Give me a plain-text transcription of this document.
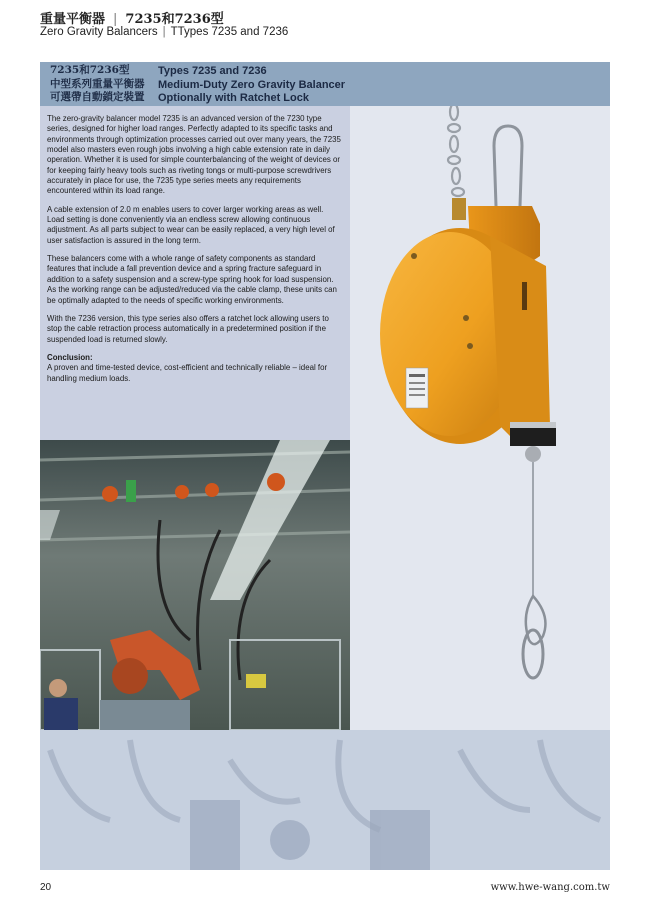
重量平衡器 | 7235和7236型
Zero Gravity Balancers | TTypes 7235 and 7236
7235和7236型
中型系列重量平衡器
可選帶自動鎖定裝置
Types 7235 and 7236
Medium-Duty Zero Gravity Balancer
Optionally with Ratchet Lock

The zero-gravity balancer model 7235 is an advanced version of the 7230 type series, designed for higher load ranges. Perfectly adapted to its specific tasks and environments through optimization processes carried out over many years, the 7235 model also masters even rough jobs involving a high cable extension rate in daily operation. Whether it is used for simple counterbalancing of the weight of devices or for keeping fairly heavy tools such as riveting tongs or multi-purpose screwdrivers accurately in place for use, the 7235 type series meets any requirements encountered within its load range.

A cable extension of 2.0 m enables users to cover larger working areas as well. Load setting is done conveniently via an endless screw allowing continuous adjustment. As all parts subject to wear can be easily replaced, a very high level of user satisfaction is assured in the long term.

These balancers come with a whole range of safety components as standard features that include a fall prevention device and a spring fracture safeguard in addition to a safety suspension and a screw-type spring hook for load suspension. As the working range can be adjusted/reduced via the cable clamp, these units can be optimally adapted to the needs of specific working environments.

With the 7236 version, this type series also offers a ratchet lock allowing users to stop the cable retraction process automatically in a predetermined position if the suspended load is returned slowly.

Conclusion:

A proven and time-tested device, cost-efficient and technically reliable – ideal for handling medium loads.

20	www.hwe-wang.com.tw
